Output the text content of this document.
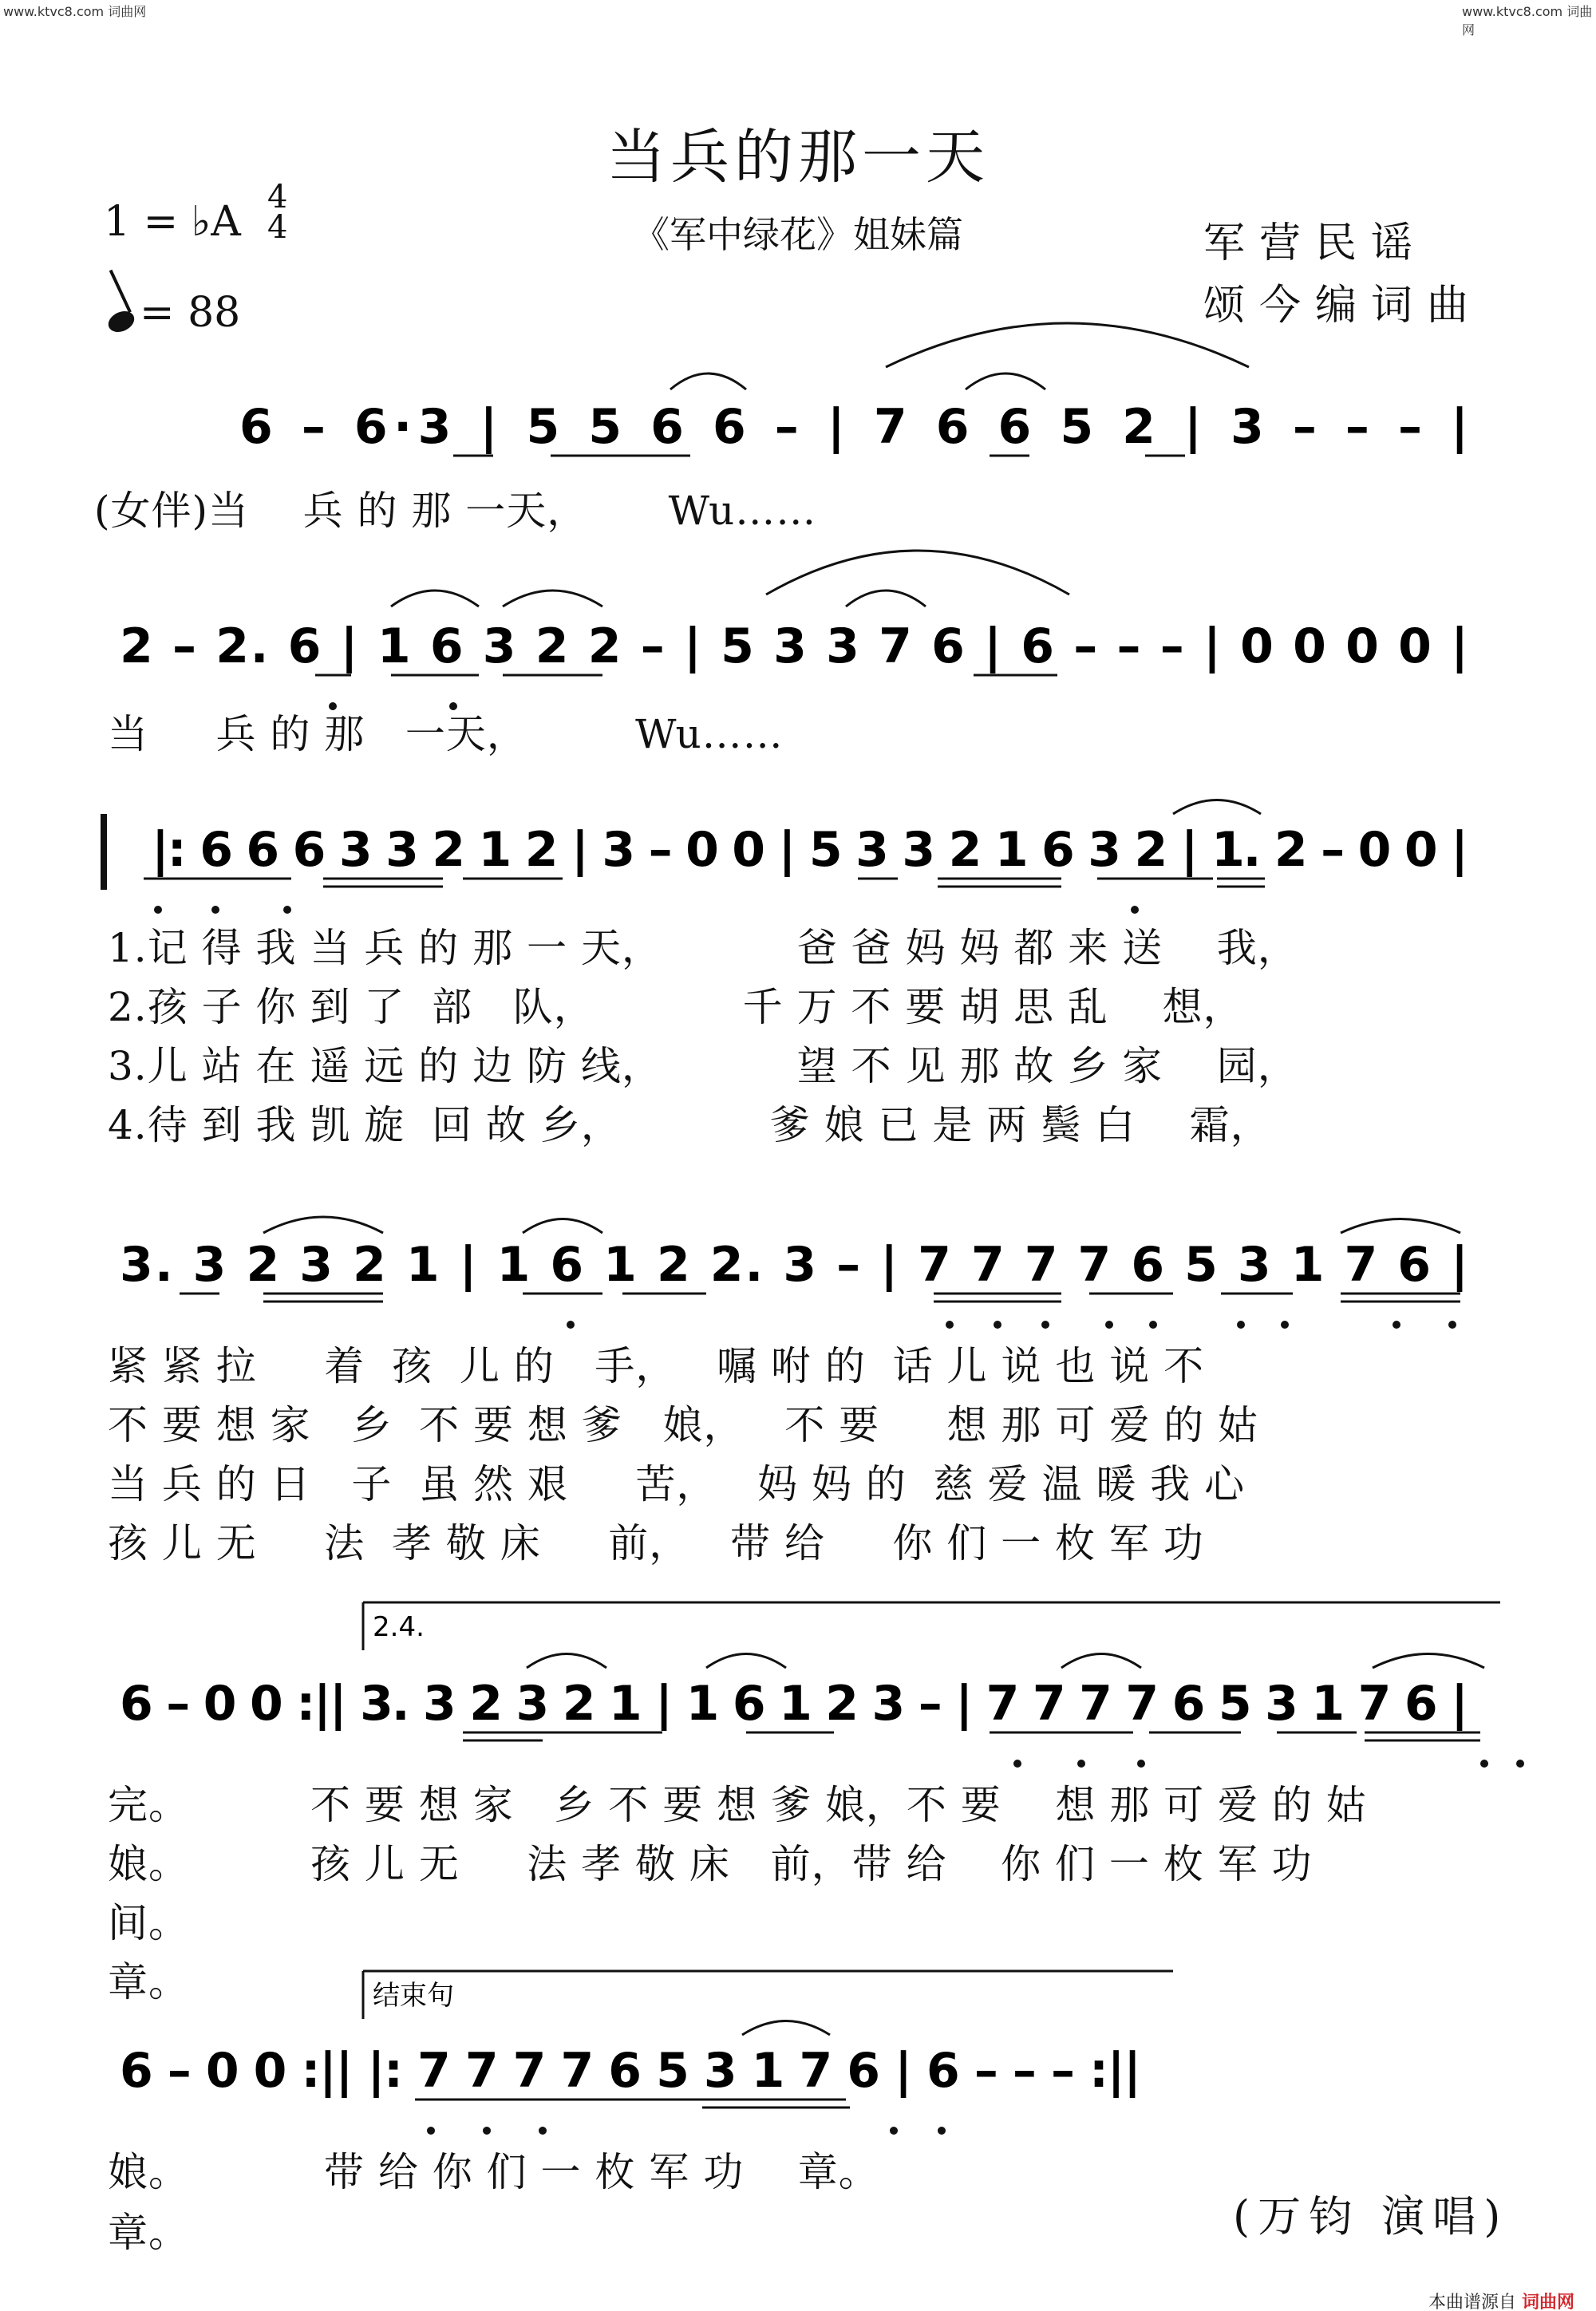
www.ktvc8.com 词曲网	www.ktvc8.com 词曲网
当兵的那一天
《军中绿花》姐妹篇
1 = ♭A
4
4
= 88
军营民谣
颂今编词曲
6 – 6·3 | 5 5 6 6 – | 7 6 6 5 2 | 3 – – – |
2 – 2. 6 | 1 6 3 2 2 – | 5 3 3 7 6 | 6 – – – | 0 0 0 0 |
|: 6 6 6 3 3 2 1 2 | 3 – 0 0 | 5 3 3 2 1 6 3 2 | 1. 2 – 0 0 |
3. 3 2 3 2 1 | 1 6 1 2 2. 3 – | 7 7 7 7 6 5 3 1 7 6 |
6 – 0 0 :|| 3. 3 2 3 2 1 | 1 6 1 2 3 – | 7 7 7 7 6 5 3 1 7 6 |
2.4.
6 – 0 0 :|| |: 7 7 7 7 6 5 3 1 7 6 | 6 – – – :||
结束句
(女伴)当    兵 的 那 一天，      Wu……
当     兵 的 那   一天，        Wu……
1.记 得 我 当 兵 的 那 一 天，          爸 爸 妈 妈 都 来 送    我，
2.孩 子 你 到 了  部   队，           千 万 不 要 胡 思 乱    想，
3.儿 站 在 遥 远 的 边 防 线，          望 不 见 那 故 乡 家    园，
4.待 到 我 凯 旋  回 故 乡，           爹 娘 已 是 两 鬓 白    霜，
紧 紧 拉     着  孩  儿 的   手，   嘱 咐 的  话 儿 说 也 说 不
不 要 想 家   乡  不 要 想 爹   娘，   不 要     想 那 可 爱 的 姑
当 兵 的 日   子  虽 然 艰     苦，   妈 妈 的  慈 爱 温 暖 我 心
孩 儿 无     法  孝 敬 床     前，   带 给     你 们 一 枚 军 功
完。         不 要 想 家   乡 不 要 想 爹 娘，不 要    想 那 可 爱 的 姑
娘。         孩 儿 无     法 孝 敬 床   前，带 给    你 们 一 枚 军 功
间。
章。
娘。          带 给 你 们 一 枚 军 功    章。
章。	(万钧 演唱)
本曲谱源自 词曲网
